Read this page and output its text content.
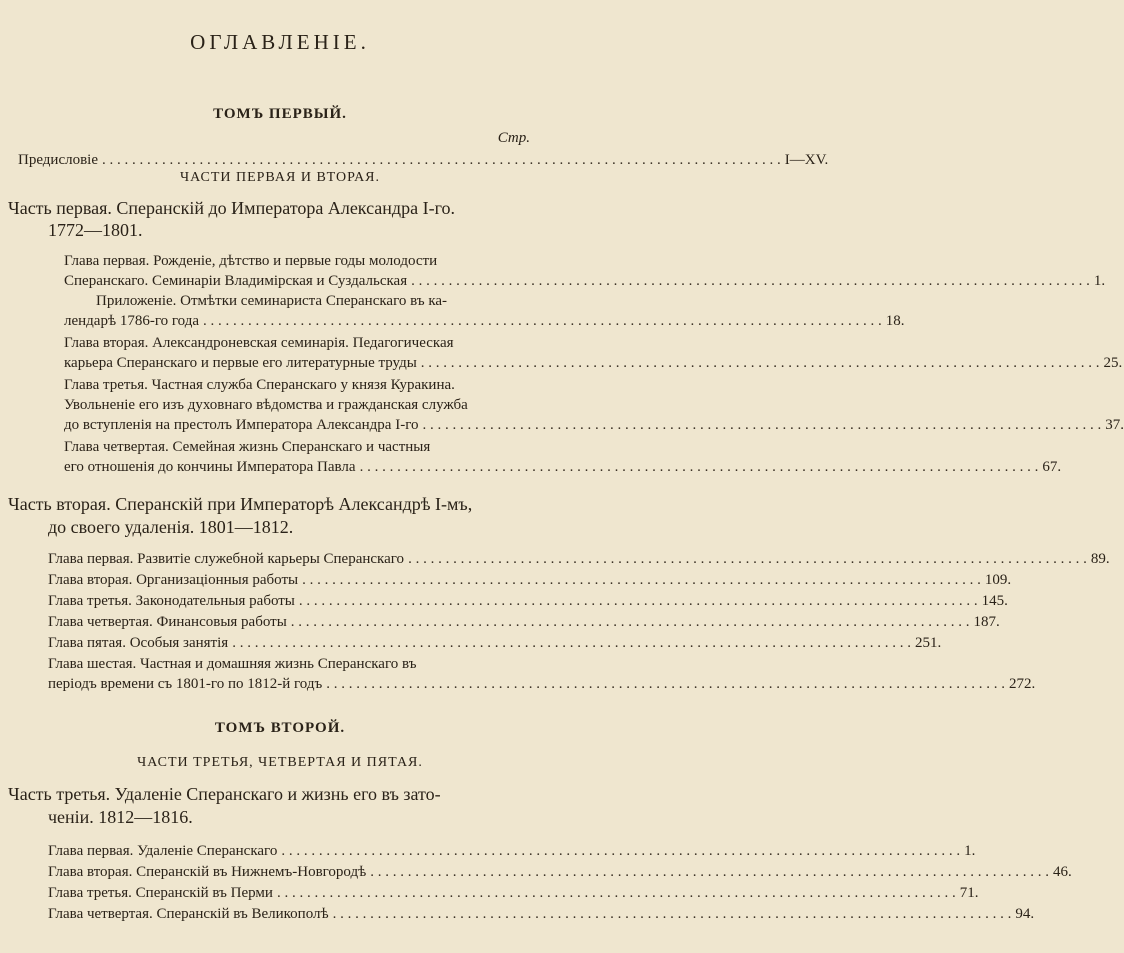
ОГЛАВЛЕНІЕ.
ТОМЪ ПЕРВЫЙ.
Стр.
Предисловіе . . .	I—XV.
ЧАСТИ ПЕРВАЯ И ВТОРАЯ.
Часть первая. Сперанскій до Императора Александра I-го.
1772—1801.
Глава первая. Рожденіе, дѣтство и первые годы молодости
Сперанскаго. Семинаріи Владимірская и Суздальская . . .	1.
Приложеніе. Отмѣтки семинариста Сперанскаго въ ка-
лендарѣ 1786-го года . . .	18.
Глава вторая. Александроневская семинарія. Педагогическая
карьера Сперанскаго и первые его литературные труды . . .	25.
Глава третья. Частная служба Сперанскаго у князя Куракина.
Увольненіе его изъ духовнаго вѣдомства и гражданская служба
до вступленія на престолъ Императора Александра I-го . . .	37.
Глава четвертая. Семейная жизнь Сперанскаго и частныя
его отношенія до кончины Императора Павла . . .	67.
Часть вторая. Сперанскій при Императорѣ Александрѣ I-мъ,
до своего удаленія. 1801—1812.
Глава первая. Развитіе служебной карьеры Сперанскаго . . .	89.
Глава вторая. Организаціонныя работы . . .	109.
Глава третья. Законодательныя работы . . .	145.
Глава четвертая. Финансовыя работы . . .	187.
Глава пятая. Особыя занятія . . .	251.
Глава шестая. Частная и домашняя жизнь Сперанскаго въ
періодъ времени съ 1801-го по 1812-й годъ . . .	272.
ТОМЪ ВТОРОЙ.
ЧАСТИ ТРЕТЬЯ, ЧЕТВЕРТАЯ И ПЯТАЯ.
Часть третья. Удаленіе Сперанскаго и жизнь его въ зато-
ченіи. 1812—1816.
Глава первая. Удаленіе Сперанскаго . . .	1.
Глава вторая. Сперанскій въ Нижнемъ-Новгородѣ . . .	46.
Глава третья. Сперанскій въ Перми . . .	71.
Глава четвертая. Сперанскій въ Великополѣ . . .	94.
